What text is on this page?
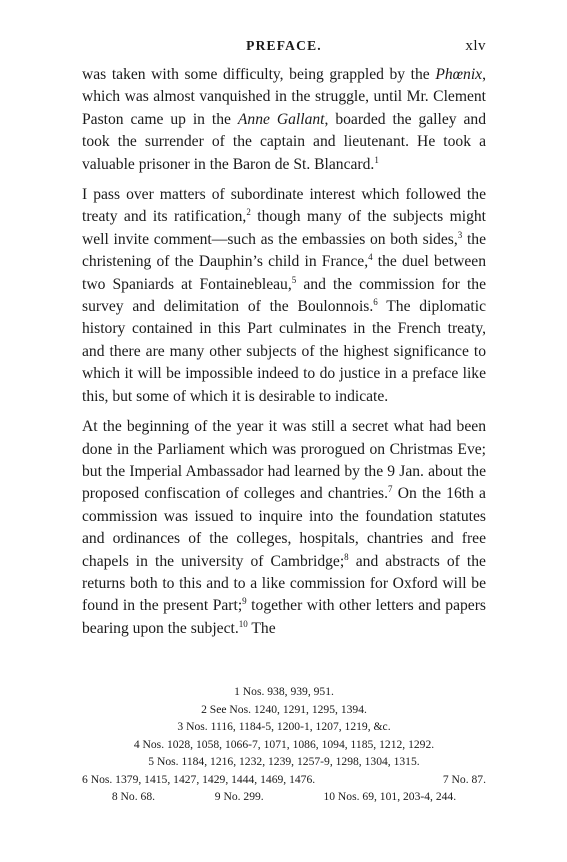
PREFACE.	xlv

was taken with some difficulty, being grappled by the Phœnix, which was almost vanquished in the struggle, until Mr. Clement Paston came up in the Anne Gallant, boarded the galley and took the surrender of the captain and lieutenant. He took a valuable prisoner in the Baron de St. Blancard.$^1$

I pass over matters of subordinate interest which followed the treaty and its ratification,$^2$ though many of the subjects might well invite comment—such as the embassies on both sides,$^3$ the christening of the Dauphin’s child in France,$^4$ the duel between two Spaniards at Fontainebleau,$^5$ and the commission for the survey and delimitation of the Boulonnois.$^6$ The diplomatic history contained in this Part culminates in the French treaty, and there are many other subjects of the highest significance to which it will be impossible indeed to do justice in a preface like this, but some of which it is desirable to indicate.

At the beginning of the year it was still a secret what had been done in the Parliament which was prorogued on Christmas Eve; but the Imperial Ambassador had learned by the 9 Jan. about the proposed confiscation of colleges and chantries.$^7$ On the 16th a commission was issued to inquire into the foundation statutes and ordinances of the colleges, hospitals, chantries and free chapels in the university of Cambridge;$^8$ and abstracts of the returns both to this and to a like commission for Oxford will be found in the present Part;$^9$ together with other letters and papers bearing upon the subject.$^{10}$ The

1 Nos. 938, 939, 951.
2 See Nos. 1240, 1291, 1295, 1394.
3 Nos. 1116, 1184-5, 1200-1, 1207, 1219, &c.
4 Nos. 1028, 1058, 1066-7, 1071, 1086, 1094, 1185, 1212, 1292.
5 Nos. 1184, 1216, 1232, 1239, 1257-9, 1298, 1304, 1315.
6 Nos. 1379, 1415, 1427, 1429, 1444, 1469, 1476.	7 No. 87.
8 No. 68.	9 No. 299.	10 Nos. 69, 101, 203-4, 244.
